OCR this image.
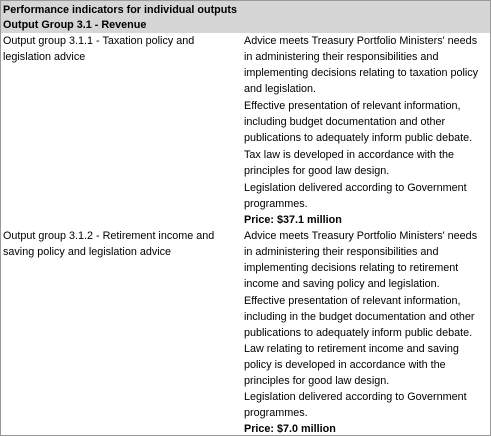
Performance indicators for individual outputs
Output Group 3.1 - Revenue
Output group 3.1.1 - Taxation policy and legislation advice
Advice meets Treasury Portfolio Ministers' needs in administering their responsibilities and implementing decisions relating to taxation policy and legislation.
Effective presentation of relevant information, including budget documentation and other publications to adequately inform public debate.
Tax law is developed in accordance with the principles for good law design.
Legislation delivered according to Government programmes.
Price: $37.1 million
Output group 3.1.2 - Retirement income and saving policy and legislation advice
Advice meets Treasury Portfolio Ministers' needs in administering their responsibilities and implementing decisions relating to retirement income and saving policy and legislation.
Effective presentation of relevant information, including in the budget documentation and other publications to adequately inform public debate.
Law relating to retirement income and saving policy is developed in accordance with the principles for good law design.
Legislation delivered according to Government programmes.
Price: $7.0 million
